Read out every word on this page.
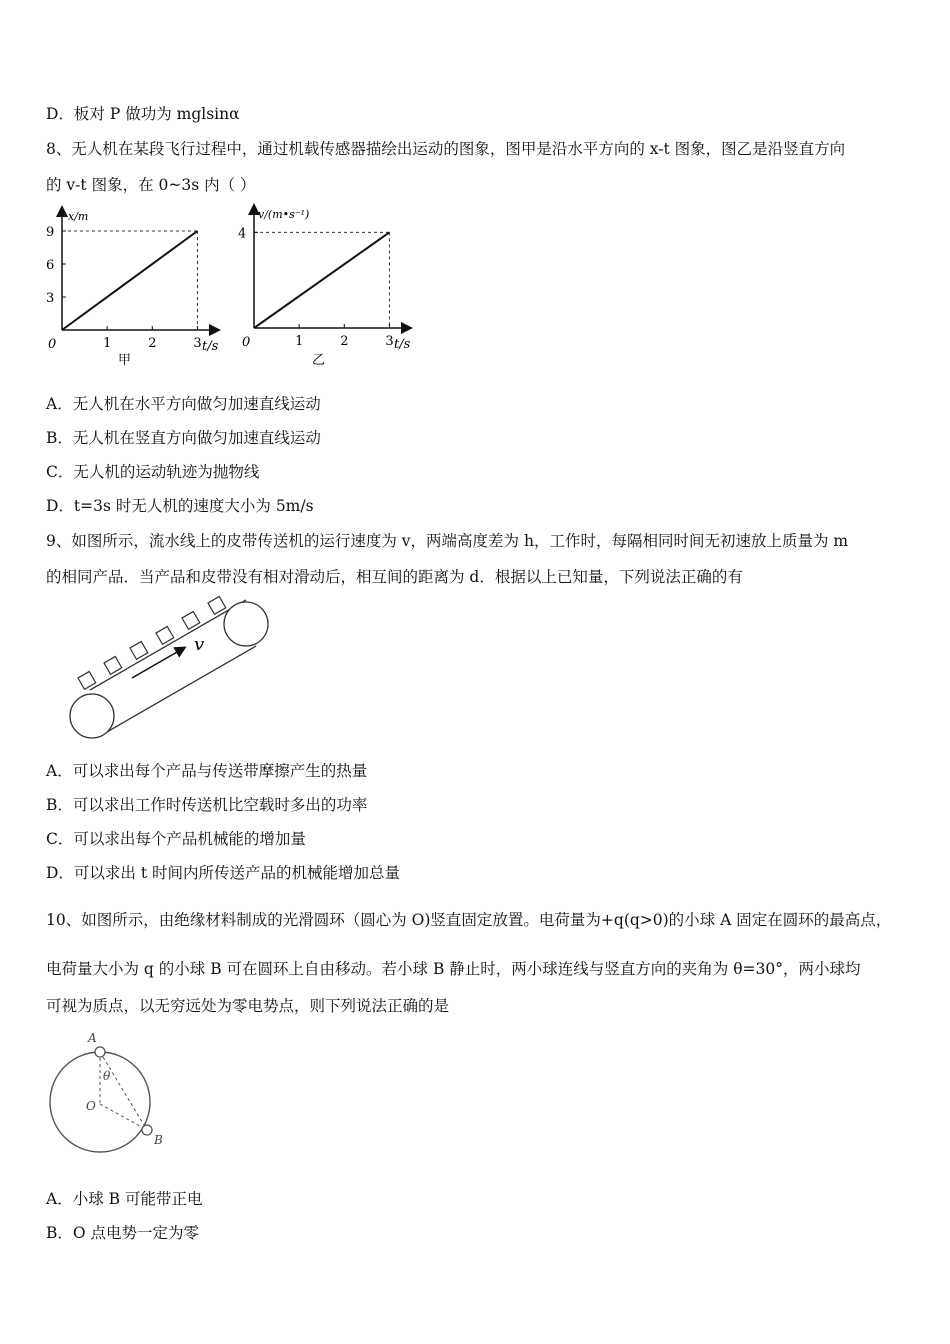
D．板对 P 做功为 mglsinα
8、无人机在某段飞行过程中，通过机载传感器描绘出运动的图象，图甲是沿水平方向的 x-t 图象，图乙是沿竖直方向
的 v-t 图象，在 0~3s 内（ ）
x/m
t/s
0
甲
1	2	3
3
6
9
v/(m•s⁻¹)
t/s
0
乙
1	2	3
4
A．无人机在水平方向做匀加速直线运动
B．无人机在竖直方向做匀加速直线运动
C．无人机的运动轨迹为抛物线
D．t=3s 时无人机的速度大小为 5m/s
9、如图所示，流水线上的皮带传送机的运行速度为 v，两端高度差为 h，工作时，每隔相同时间无初速放上质量为 m
的相同产品．当产品和皮带没有相对滑动后，相互间的距离为 d．根据以上已知量，下列说法正确的有
v
A．可以求出每个产品与传送带摩擦产生的热量
B．可以求出工作时传送机比空载时多出的功率
C．可以求出每个产品机械能的增加量
D．可以求出 t 时间内所传送产品的机械能增加总量
10、如图所示，由绝缘材料制成的光滑圆环（圆心为 O)竖直固定放置。电荷量为+q(q>0)的小球 A 固定在圆环的最高点，
电荷量大小为 q 的小球 B 可在圆环上自由移动。若小球 B 静止时，两小球连线与竖直方向的夹角为 θ=30°，两小球均
可视为质点，以无穷远处为零电势点，则下列说法正确的是
A
B
O
θ
A．小球 B 可能带正电
B．O 点电势一定为零
